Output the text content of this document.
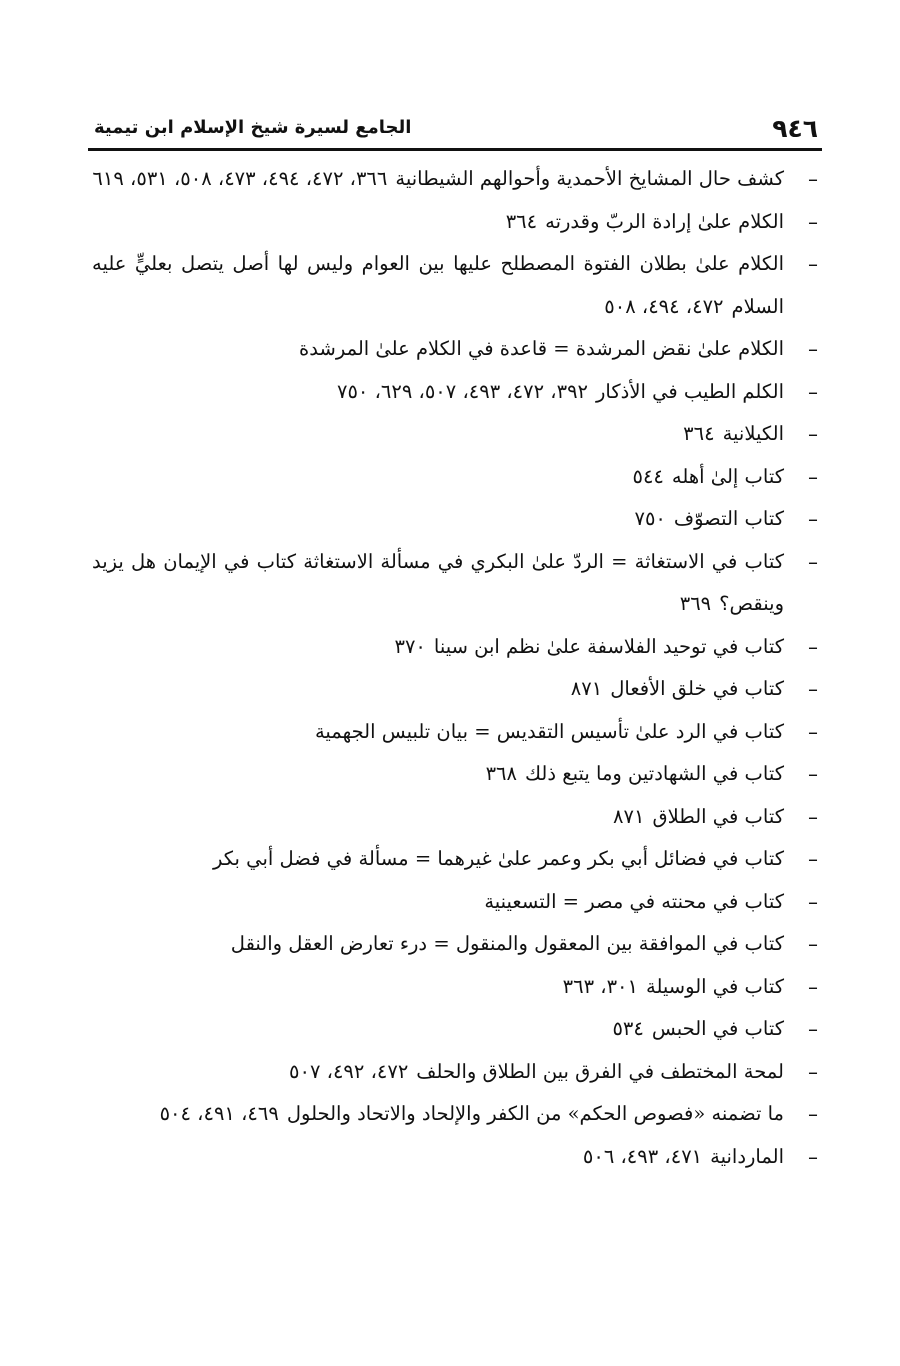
٩٤٦
الجامع لسيرة شيخ الإسلام ابن تيمية
–
كشف حال المشايخ الأحمدية وأحوالهم الشيطانية٣٦٦، ٤٧٢، ٤٩٤، ٤٧٣، ٥٠٨، ٥٣١، ٦١٩
–
الكلام علىٰ إرادة الربّ وقدرته٣٦٤
–
الكلام علىٰ بطلان الفتوة المصطلح عليها بين العوام وليس لها أصل يتصل بعليٍّ عليه السلام٤٧٢، ٤٩٤، ٥٠٨
–
الكلام علىٰ نقض المرشدة = قاعدة في الكلام علىٰ المرشدة
–
الكلم الطيب في الأذكار٣٩٢، ٤٧٢، ٤٩٣، ٥٠٧، ٦٢٩، ٧٥٠
–
الكيلانية٣٦٤
–
كتاب إلىٰ أهله٥٤٤
–
كتاب التصوّف٧٥٠
–
كتاب في الاستغاثة = الردّ علىٰ البكري في مسألة الاستغاثة كتاب في الإيمان هل يزيد وينقص؟٣٦٩
–
كتاب في توحيد الفلاسفة علىٰ نظم ابن سينا٣٧٠
–
كتاب في خلق الأفعال٨٧١
–
كتاب في الرد علىٰ تأسيس التقديس = بيان تلبيس الجهمية
–
كتاب في الشهادتين وما يتبع ذلك٣٦٨
–
كتاب في الطلاق٨٧١
–
كتاب في فضائل أبي بكر وعمر علىٰ غيرهما = مسألة في فضل أبي بكر
–
كتاب في محنته في مصر = التسعينية
–
كتاب في الموافقة بين المعقول والمنقول = درء تعارض العقل والنقل
–
كتاب في الوسيلة٣٠١، ٣٦٣
–
كتاب في الحبس٥٣٤
–
لمحة المختطف في الفرق بين الطلاق والحلف٤٧٢، ٤٩٢، ٥٠٧
–
ما تضمنه «فصوص الحكم» من الكفر والإلحاد والاتحاد والحلول٤٦٩، ٤٩١، ٥٠٤
–
الماردانية٤٧١، ٤٩٣، ٥٠٦
